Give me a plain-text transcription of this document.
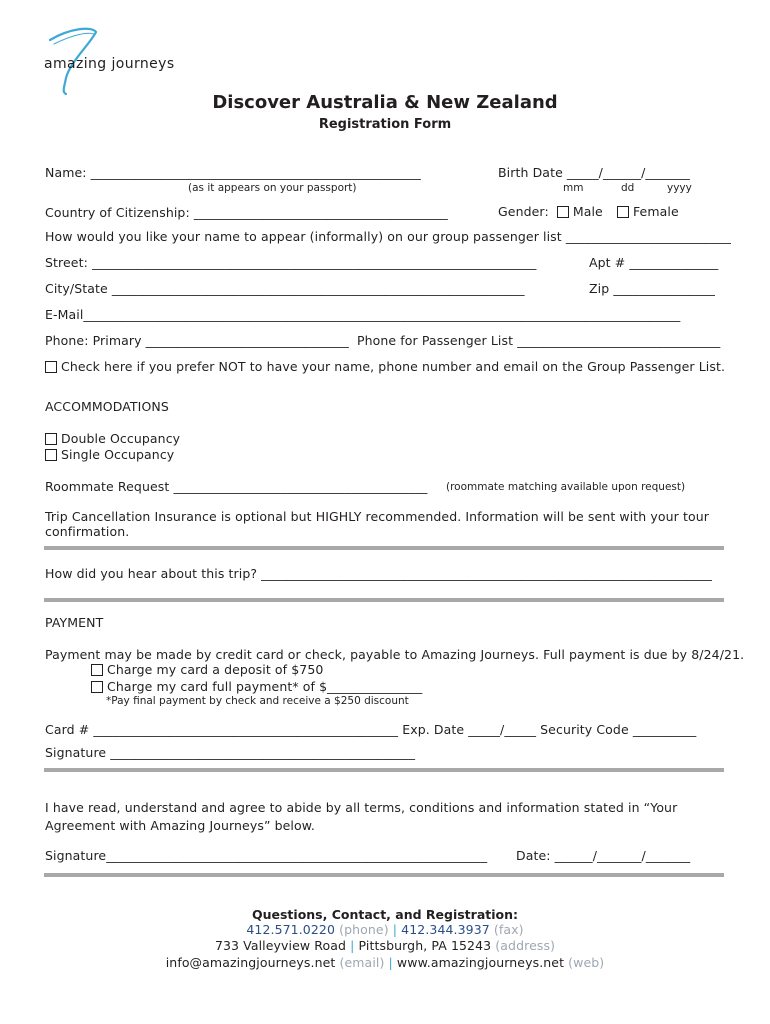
amazing journeys
Discover Australia & New Zealand
Registration Form
Name: ____________________________________________________
(as it appears on your passport)
Birth Date _____/______/_______
mm	dd	yyyy
Country of Citizenship: ________________________________________	Gender: Male Female
How would you like your name to appear (informally) on our group passenger list __________________________
Street: ______________________________________________________________________	Apt # ______________
City/State _________________________________________________________________	Zip ________________
E-Mail______________________________________________________________________________________________
Phone: Primary ________________________________ Phone for Passenger List ________________________________
Check here if you prefer NOT to have your name, phone number and email on the Group Passenger List.
ACCOMMODATIONS
Double Occupancy
Single Occupancy
Roommate Request ________________________________________ (roommate matching available upon request)
Trip Cancellation Insurance is optional but HIGHLY recommended. Information will be sent with your tour
confirmation.
How did you hear about this trip? _______________________________________________________________________
PAYMENT
Payment may be made by credit card or check, payable to Amazing Journeys. Full payment is due by 8/24/21.
Charge my card a deposit of $750
Charge my card full payment* of $_______________
*Pay final payment by check and receive a $250 discount
Card # ________________________________________________ Exp. Date _____/_____ Security Code __________
Signature ________________________________________________
I have read, understand and agree to abide by all terms, conditions and information stated in “Your
Agreement with Amazing Journeys” below.
Signature____________________________________________________________ Date: ______/_______/_______
Questions, Contact, and Registration:
412.571.0220 (phone) | 412.344.3937 (fax)
733 Valleyview Road | Pittsburgh, PA 15243 (address)
info@amazingjourneys.net (email) | www.amazingjourneys.net (web)
